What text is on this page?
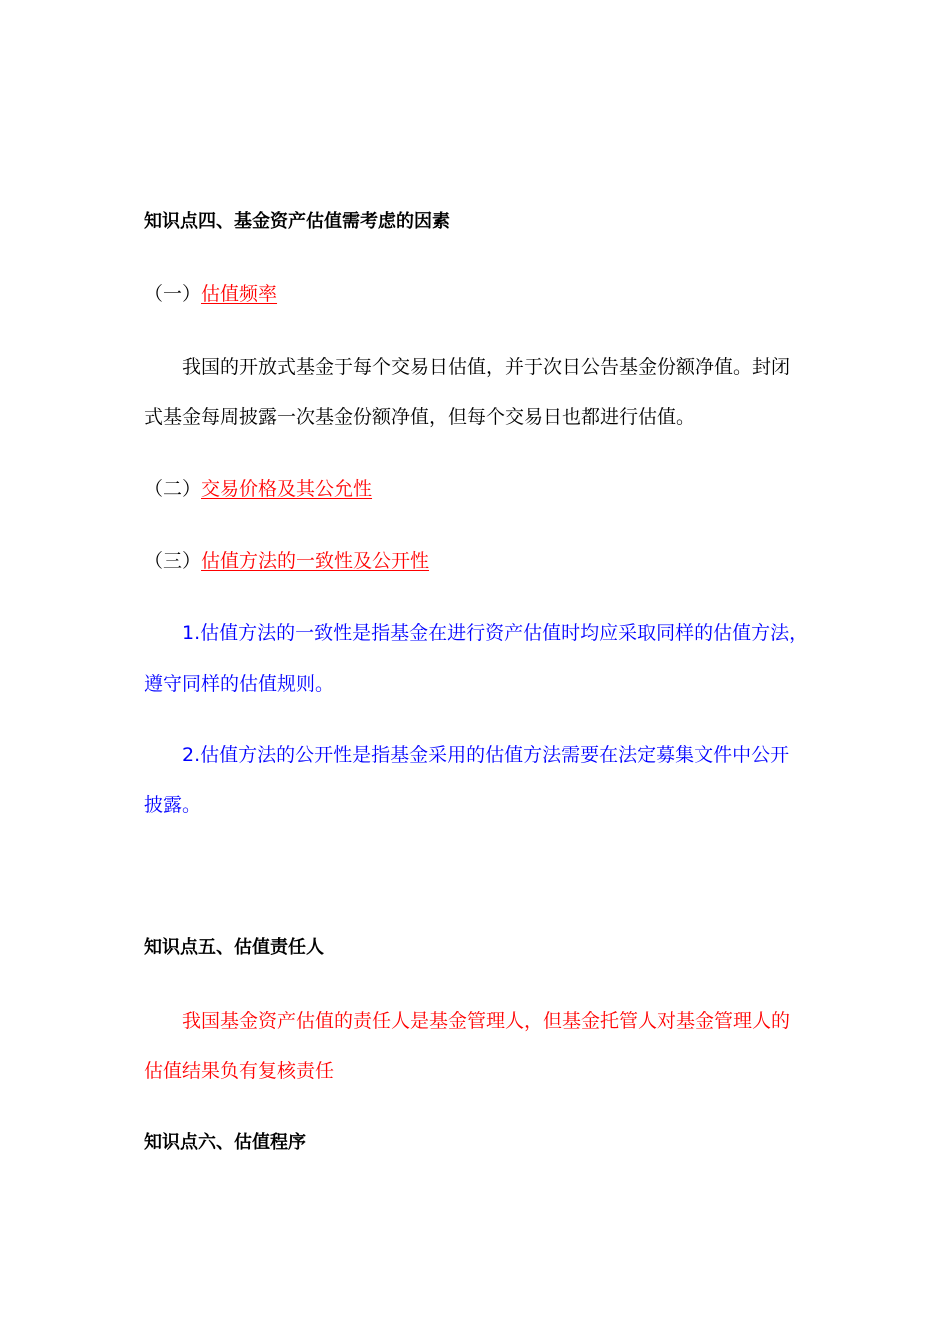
知识点四、基金资产估值需考虑的因素
（一）估值频率
我国的开放式基金于每个交易日估值，并于次日公告基金份额净值。封闭
式基金每周披露一次基金份额净值，但每个交易日也都进行估值。
（二）交易价格及其公允性
（三）估值方法的一致性及公开性
1.估值方法的一致性是指基金在进行资产估值时均应采取同样的估值方法，
遵守同样的估值规则。
2.估值方法的公开性是指基金采用的估值方法需要在法定募集文件中公开
披露。
知识点五、估值责任人
我国基金资产估值的责任人是基金管理人，但基金托管人对基金管理人的
估值结果负有复核责任
知识点六、估值程序
